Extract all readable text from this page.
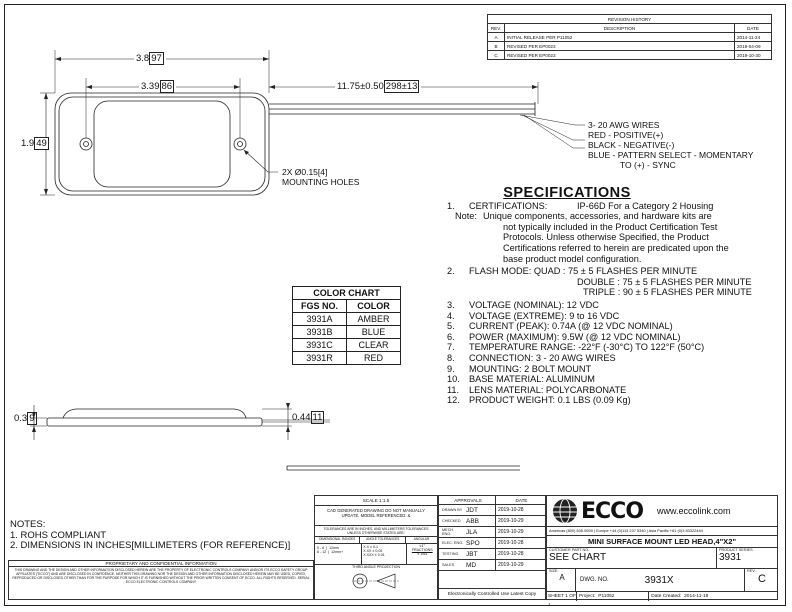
REVISION HISTORY		
REV.	DESCRIPTION	DATE
A	INITIAL RELEASE PER P11052	2014-11-24
B	REVISED PER EP0023	2019-04-09
C	REVISED PER EP0023	2019-10-30
3.8 97
3.39 86	11.75±0.50 298±13
1.9 49
2X Ø0.15[4]
MOUNTING HOLES
0.3 9	0.44 11
3- 20 AWG WIRES
RED - POSITIVE(+)
BLACK - NEGATIVE(-)
BLUE - PATTERN SELECT - MOMENTARY
TO (+) - SYNC
SPECIFICATIONS
1.	CERTIFICATIONS:	IP-66D For a Category 2 Housing
Note: Unique components, accessories, and hardware kits are
not typically included in the Product Certification Test
Protocols. Unless otherwise Specified, the Product
Certifications referred to herein are predicated upon the
base product model configuration.
2.	FLASH MODE: QUAD : 75 ± 5 FLASHES PER MINUTE
DOUBLE : 75 ± 5 FLASHES PER MINUTE
TRIPLE : 90 ± 5 FLASHES PER MINUTE
3.	VOLTAGE (NOMINAL): 12 VDC
4.	VOLTAGE (EXTREME): 9 to 16 VDC
5.	CURRENT (PEAK): 0.74A (@ 12 VDC NOMINAL)
6.	POWER (MAXIMUM): 9.5W (@ 12 VDC NOMINAL)
7.	TEMPERATURE RANGE: -22°F (-30°C) TO 122°F (50°C)
8.	CONNECTION: 3 - 20 AWG WIRES
9.	MOUNTING: 2 BOLT MOUNT
10.	BASE MATERIAL: ALUMINUM
11.	LENS MATERIAL: POLYCARBONATE
12.	PRODUCT WEIGHT: 0.1 LBS (0.09 Kg)
COLOR CHART	
FGS NO.	COLOR
3931A	AMBER
3931B	BLUE
3931C	CLEAR
3931R	RED
NOTES:
1. ROHS COMPLIANT
2. DIMENSIONS IN INCHES[MILLIMETERS (FOR REFERENCE)]
PROPRIETARY AND CONFIDENTIAL INFORMATION
THIS DRAWING AND THE DESIGN AND OTHER INFORMATION DISCLOSED HEREIN ARE THE PROPERTY OF ELECTRONIC CONTROLS COMPANY AND/OR ITS ECCO SAFETY GROUP AFFILIATES ("ECCO") AND ARE DISCLOSED IN CONFIDENCE. NEITHER THIS DRAWING NOR THE DESIGN AND OTHER INFORMATION DISCLOSED HEREIN MAY BE USED, COPIED, REPRODUCED OR DISCLOSED OTHER THAN FOR THE PURPOSE FOR WHICH IT IS FURNISHED WITHOUT THE PRIOR WRITTEN CONSENT OF ECCO. ALL RIGHTS RESERVED. SERIAL ECCO ELECTRONIC CONTROLS COMPANY
SCALE 1:1.5
CAD GENERATED DRAWING DO NOT MANUALLY UPDATE. MODEL REFERENCED: &
TOLERANCES ARE IN INCHES, AND MILLIMETERS TOLERANCES UNLESS OTHERWISE STATED ARE:
DIMENSIONAL RANGES	ANGLE TOLERANCES	ANGULAR
0 - 6  |  12mm
6 - 12  |  12mm+
X.X ± 0.1
X.XX ± 0.05
X.XXX ± 0.01
±1°
FRACTIONS
± 1/64
THIRD ANGLE PROJECTION
APPROVALS	DATE
DRAWN BY JDT	2019-10-28
CHECKED ABB	2019-10-29
MECH. ENG.	JLA	2019-10-29
ELEC. ENG. SPO	2019-10-28
TESTING	JBT	2019-10-28
SALES	MD	2019-10-29
ECCO www.eccolink.com
Americas (800) 635-5900 | Europe +44 (0)113 237 5340 | Asia Pacific +61 (0)3 83322444
MINI SURFACE MOUNT LED HEAD,4"X2"
CUSTOMER PART NO.
SEE CHART
PRODUCT SERIES
3931
SIZE:
A	DWG. NO.	3931X
REV.:
C
SHEET 1 OF 1
Project: P11052	Date Created: 2014-11-18
Electronically Controlled Use Latest Copy
